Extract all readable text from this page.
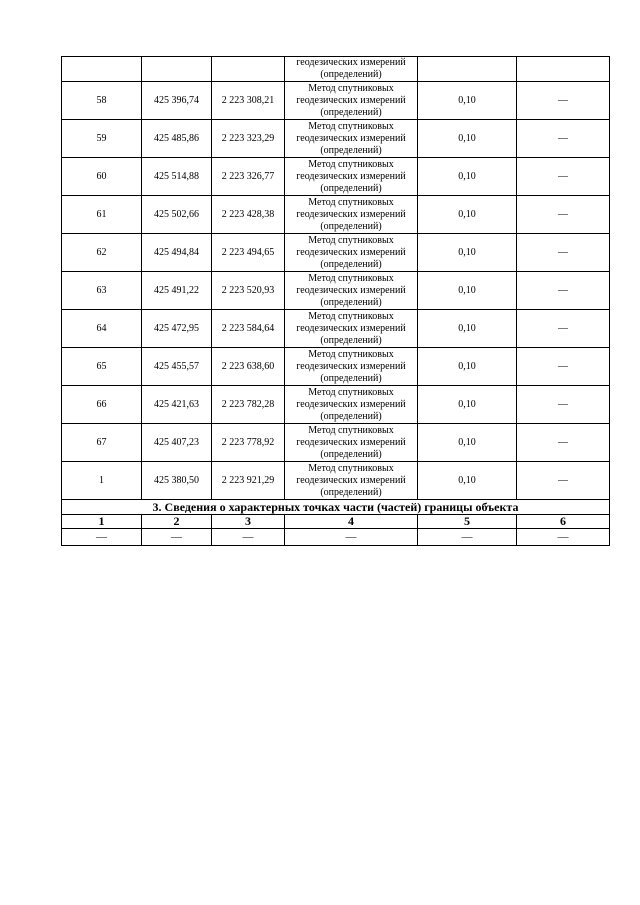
			геодезических измерений
(определений)		

58	425 396,74	2 223 308,21	Метод спутниковых
геодезических измерений
(определений)	0,10	—
59	425 485,86	2 223 323,29	Метод спутниковых
геодезических измерений
(определений)	0,10	—
60	425 514,88	2 223 326,77	Метод спутниковых
геодезических измерений
(определений)	0,10	—
61	425 502,66	2 223 428,38	Метод спутниковых
геодезических измерений
(определений)	0,10	—
62	425 494,84	2 223 494,65	Метод спутниковых
геодезических измерений
(определений)	0,10	—
63	425 491,22	2 223 520,93	Метод спутниковых
геодезических измерений
(определений)	0,10	—
64	425 472,95	2 223 584,64	Метод спутниковых
геодезических измерений
(определений)	0,10	—
65	425 455,57	2 223 638,60	Метод спутниковых
геодезических измерений
(определений)	0,10	—
66	425 421,63	2 223 782,28	Метод спутниковых
геодезических измерений
(определений)	0,10	—
67	425 407,23	2 223 778,92	Метод спутниковых
геодезических измерений
(определений)	0,10	—
1	425 380,50	2 223 921,29	Метод спутниковых
геодезических измерений
(определений)	0,10	—
3. Сведения о характерных точках части (частей) границы объекта					
1	2	3	4	5	6
—	—	—	—	—	—
